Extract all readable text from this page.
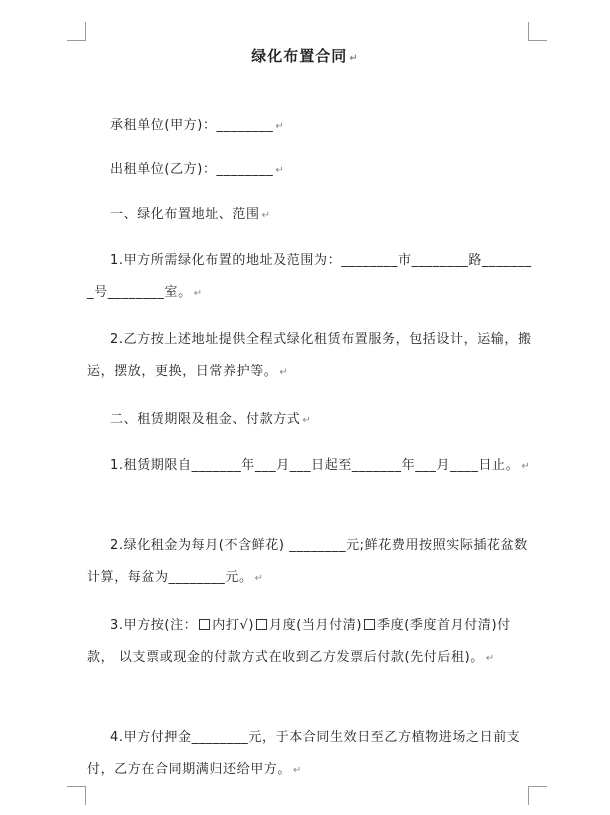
绿化布置合同 ↵
承租单位(甲方)：________ ↵
出租单位(乙方)：________ ↵
一、绿化布置地址、范围 ↵
1.甲方所需绿化布置的地址及范围为：________市________路________号________室。 ↵
2.乙方按上述地址提供全程式绿化租赁布置服务，包括设计，运输，搬运，摆放，更换，日常养护等。 ↵
二、租赁期限及租金、付款方式 ↵
1.租赁期限自_______年___月___日起至_______年___月____日止。 ↵
2.绿化租金为每月(不含鲜花) ________元;鲜花费用按照实际插花盆数计算，每盆为________元。 ↵
3.甲方按(注： 内打√) 月度(当月付清) 季度(季度首月付清)付款， 以支票或现金的付款方式在收到乙方发票后付款(先付后租)。 ↵
4.甲方付押金________元，于本合同生效日至乙方植物进场之日前支付，乙方在合同期满归还给甲方。 ↵
